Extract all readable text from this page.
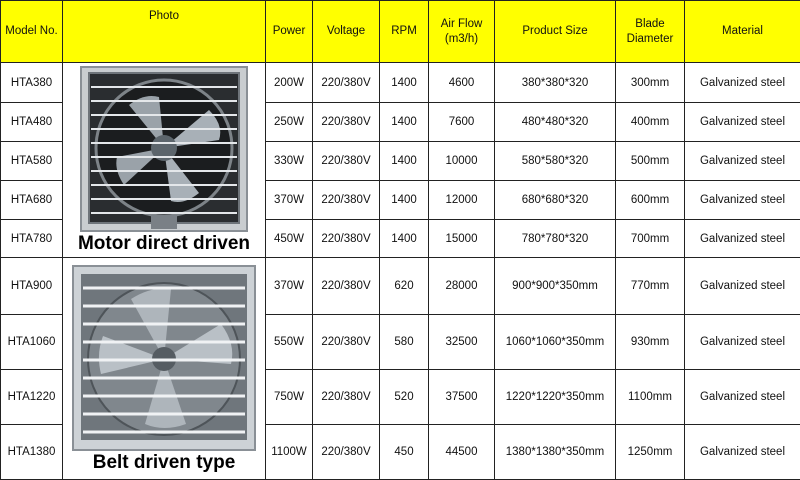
Model No.	Photo	Power	Voltage	RPM	Air Flow (m3/h)	Product Size	Blade Diameter	Material
HTA380	Motor direct driven	200W	220/380V	1400	4600	380*380*320	300mm	Galvanized steel
HTA480		250W	220/380V	1400	7600	480*480*320	400mm	Galvanized steel
HTA580		330W	220/380V	1400	10000	580*580*320	500mm	Galvanized steel
HTA680		370W	220/380V	1400	12000	680*680*320	600mm	Galvanized steel
HTA780		450W	220/380V	1400	15000	780*780*320	700mm	Galvanized steel
HTA900	Belt driven type	370W	220/380V	620	28000	900*900*350mm	770mm	Galvanized steel
HTA1060		550W	220/380V	580	32500	1060*1060*350mm	930mm	Galvanized steel
HTA1220		750W	220/380V	520	37500	1220*1220*350mm	1100mm	Galvanized steel
HTA1380		1100W	220/380V	450	44500	1380*1380*350mm	1250mm	Galvanized steel
